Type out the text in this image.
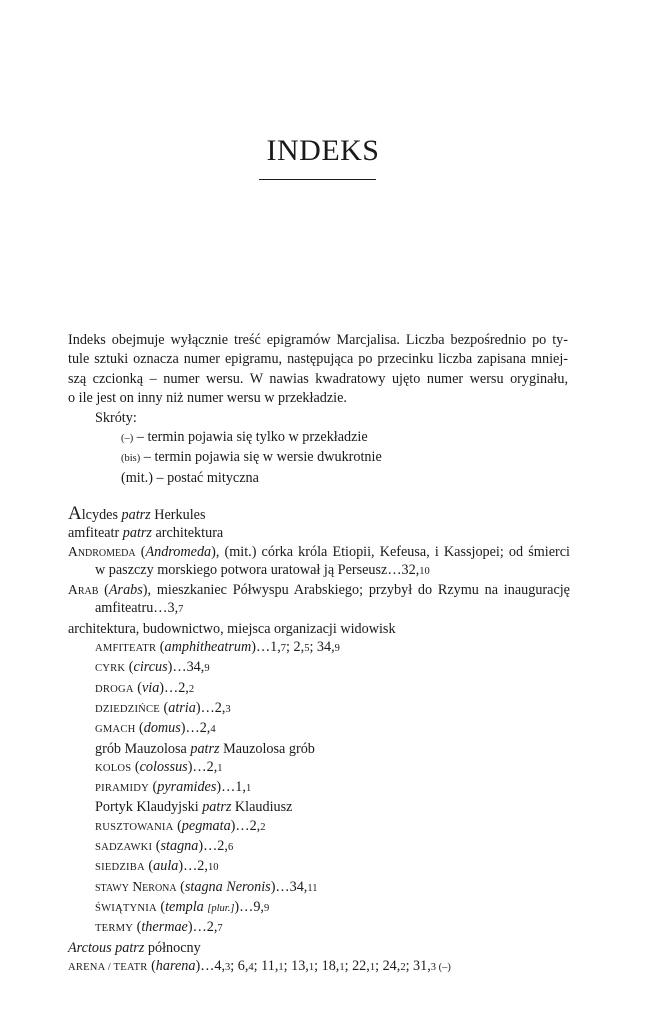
INDEKS
Indeks obejmuje wyłącznie treść epigramów Marcjalisa. Liczba bezpośrednio po ty-
tule sztuki oznacza numer epigramu, następująca po przecinku liczba zapisana mniej-
szą czcionką – numer wersu. W nawias kwadratowy ujęto numer wersu oryginału,
o ile jest on inny niż numer wersu w przekładzie.
Skróty:
(–) – termin pojawia się tylko w przekładzie
(bis) – termin pojawia się w wersie dwukrotnie
(mit.) – postać mityczna
Alcydes patrz Herkules
amfiteatr patrz architektura
Andromeda (Andromeda), (mit.) córka króla Etiopii, Kefeusa, i Kassjopei; od śmierci
w paszczy morskiego potwora uratował ją Perseusz…32,10
Arab (Arabs), mieszkaniec Półwyspu Arabskiego; przybył do Rzymu na inaugurację
amfiteatru…3,7
architektura, budownictwo, miejsca organizacji widowisk
AMFITEATR (amphitheatrum)…1,7; 2,5; 34,9
CYRK (circus)…34,9
DROGA (via)…2,2
DZIEDZIŃCE (atria)…2,3
GMACH (domus)…2,4
grób Mauzolosa patrz Mauzolosa grób
KOLOS (colossus)…2,1
PIRAMIDY (pyramides)…1,1
Portyk Klaudyjski patrz Klaudiusz
RUSZTOWANIA (pegmata)…2,2
SADZAWKI (stagna)…2,6
SIEDZIBA (aula)…2,10
stawy Nerona (stagna Neronis)…34,11
ŚWIĄTYNIA (templa [plur.])…9,9
TERMY (thermae)…2,7
Arctous patrz północny
ARENA / TEATR (harena)…4,3; 6,4; 11,1; 13,1; 18,1; 22,1; 24,2; 31,3 (–)
